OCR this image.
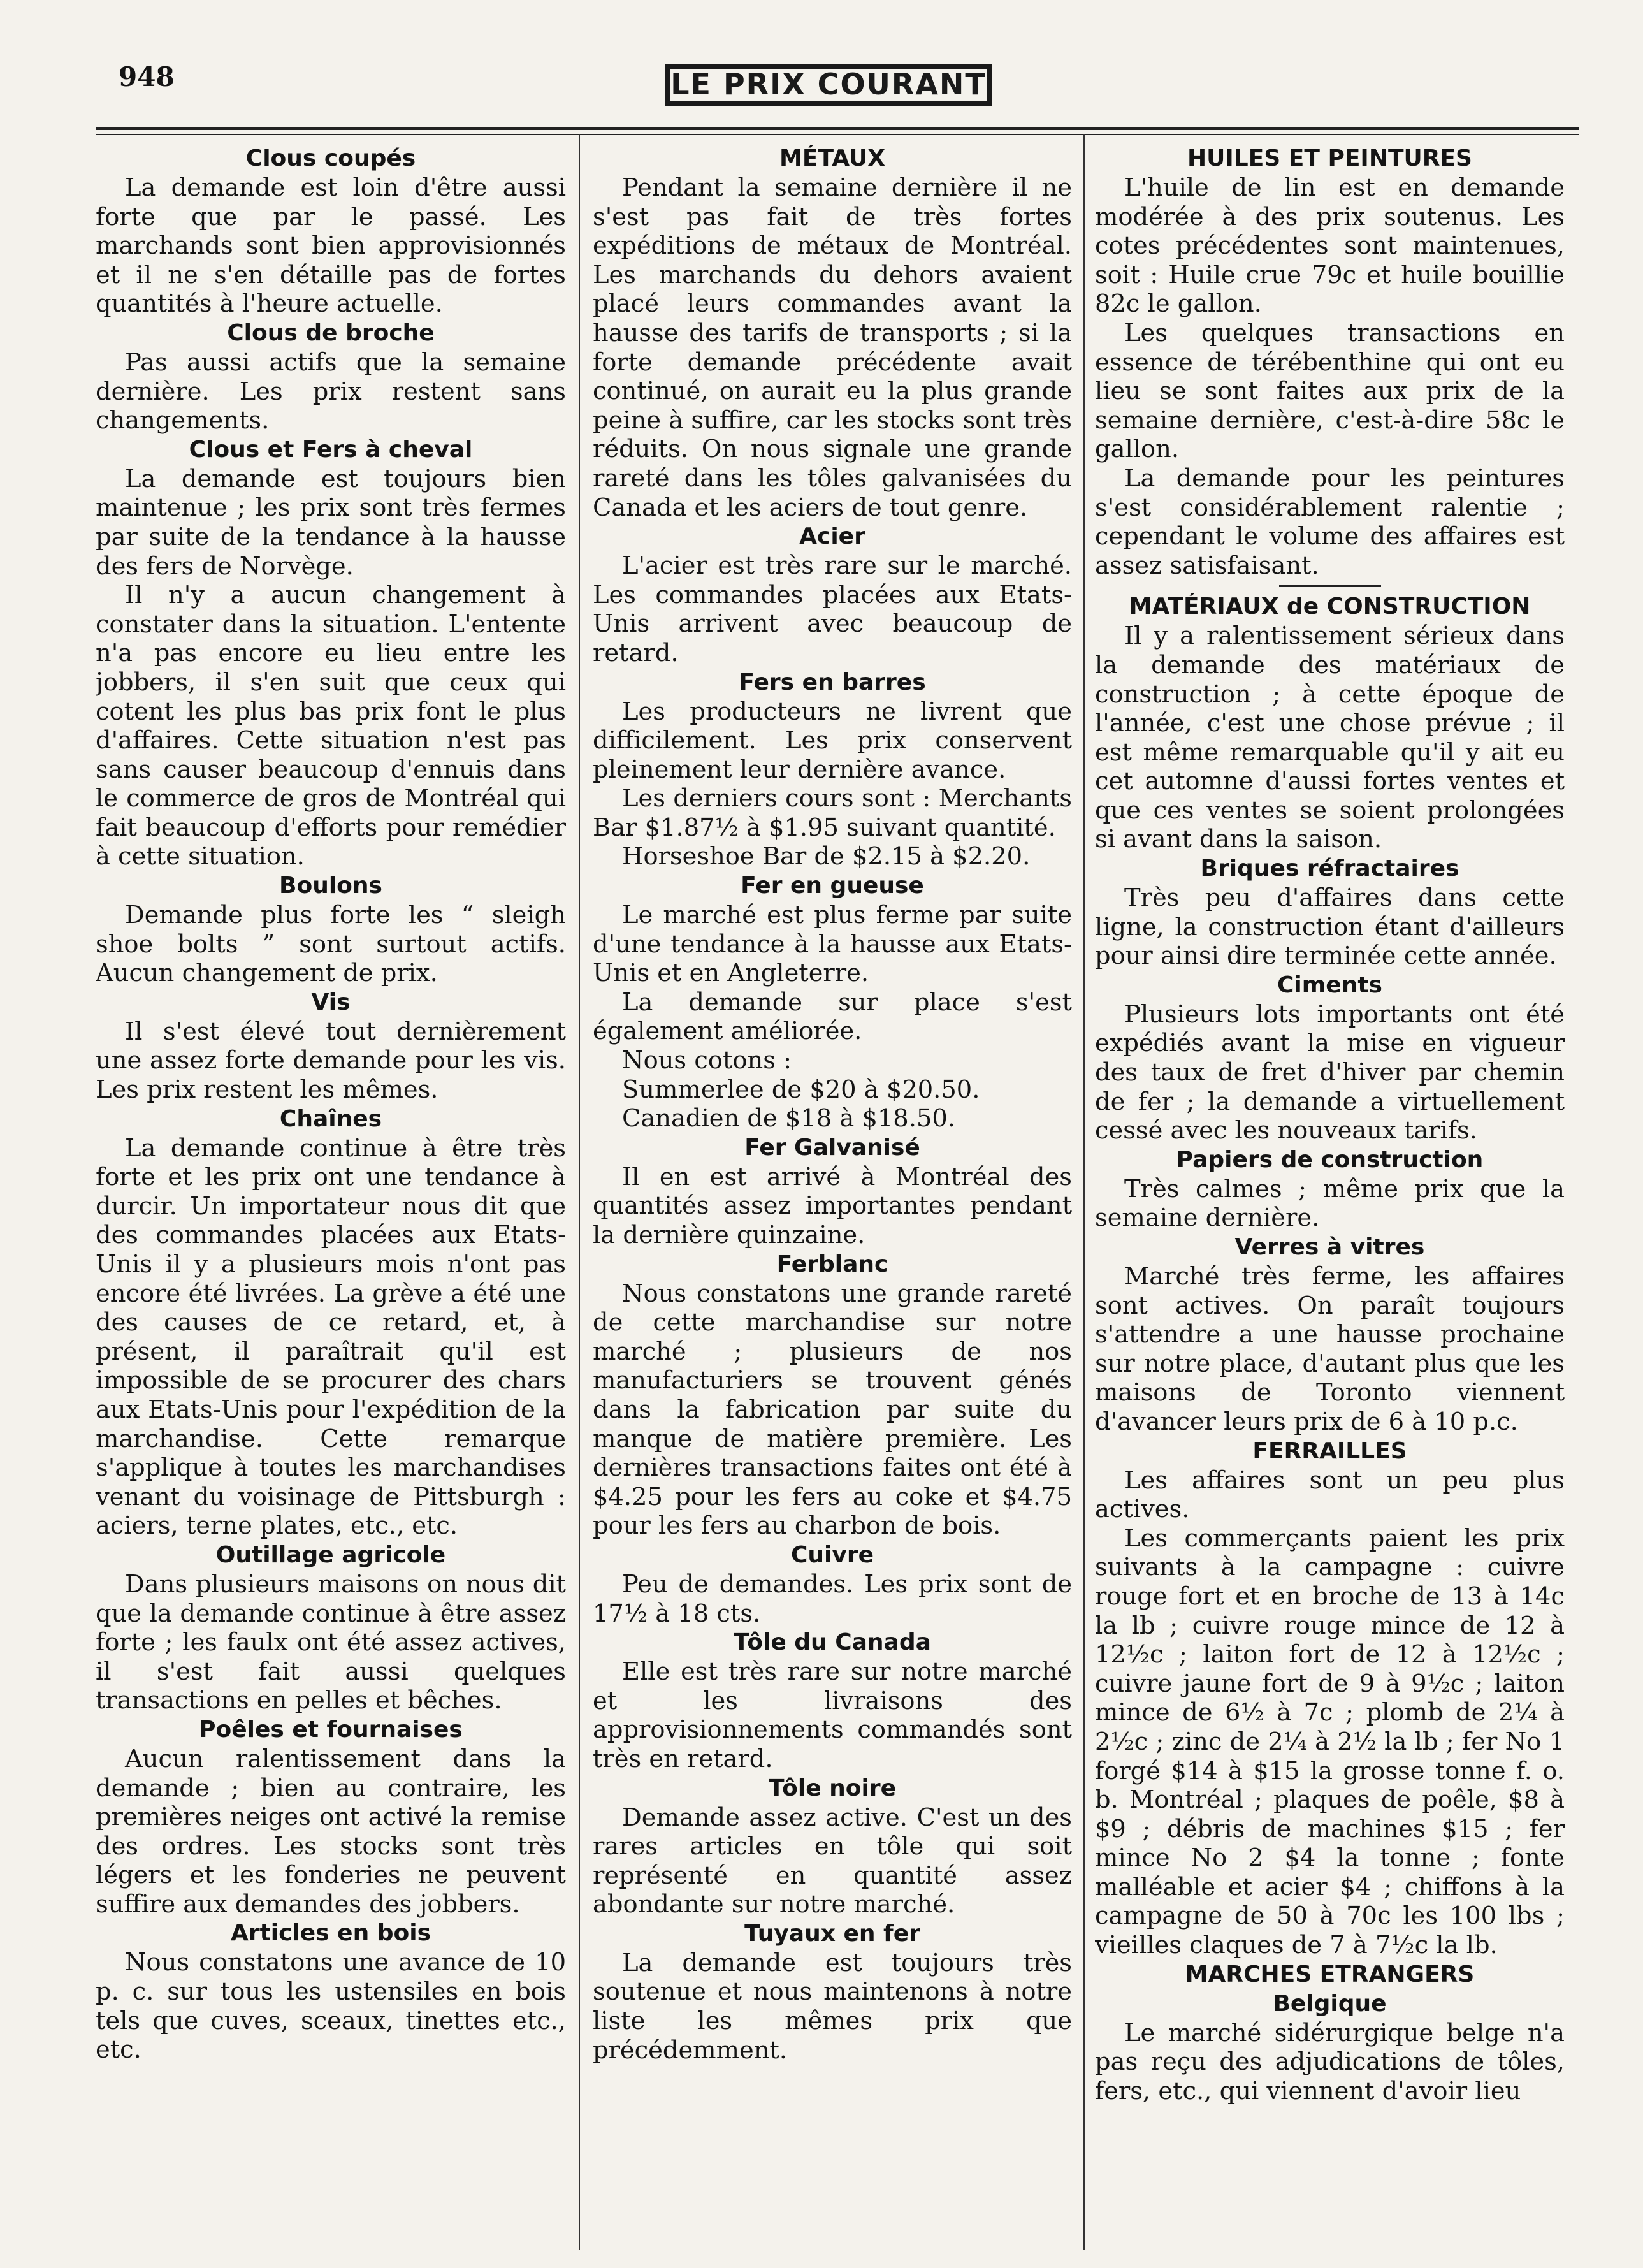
948	LE PRIX COURANT
Clous coupés

La demande est loin d'être aussi forte que par le passé. Les marchands sont bien approvisionnés et il ne s'en détaille pas de fortes quantités à l'heure actuelle.

Clous de broche

Pas aussi actifs que la semaine dernière. Les prix restent sans changements.

Clous et Fers à cheval

La demande est toujours bien maintenue ; les prix sont très fermes par suite de la tendance à la hausse des fers de Norvège.

Il n'y a aucun changement à constater dans la situation. L'entente n'a pas encore eu lieu entre les jobbers, il s'en suit que ceux qui cotent les plus bas prix font le plus d'affaires. Cette situation n'est pas sans causer beaucoup d'ennuis dans le commerce de gros de Montréal qui fait beaucoup d'efforts pour remédier à cette situation.

Boulons

Demande plus forte les “ sleigh shoe bolts ” sont surtout actifs. Aucun changement de prix.

Vis

Il s'est élevé tout dernièrement une assez forte demande pour les vis. Les prix restent les mêmes.

Chaînes

La demande continue à être très forte et les prix ont une tendance à durcir. Un importateur nous dit que des commandes placées aux Etats-Unis il y a plusieurs mois n'ont pas encore été livrées. La grève a été une des causes de ce retard, et, à présent, il paraîtrait qu'il est impossible de se procurer des chars aux Etats-Unis pour l'expédition de la marchandise. Cette remarque s'applique à toutes les marchandises venant du voisinage de Pittsburgh : aciers, terne plates, etc., etc.

Outillage agricole

Dans plusieurs maisons on nous dit que la demande continue à être assez forte ; les faulx ont été assez actives, il s'est fait aussi quelques transactions en pelles et bêches.

Poêles et fournaises

Aucun ralentissement dans la demande ; bien au contraire, les premières neiges ont activé la remise des ordres. Les stocks sont très légers et les fonderies ne peuvent suffire aux demandes des jobbers.

Articles en bois

Nous constatons une avance de 10 p. c. sur tous les ustensiles en bois tels que cuves, sceaux, tinettes etc., etc.

MÉTAUX

Pendant la semaine dernière il ne s'est pas fait de très fortes expéditions de métaux de Montréal. Les marchands du dehors avaient placé leurs commandes avant la hausse des tarifs de transports ; si la forte demande précédente avait continué, on aurait eu la plus grande peine à suffire, car les stocks sont très réduits. On nous signale une grande rareté dans les tôles galvanisées du Canada et les aciers de tout genre.

Acier

L'acier est très rare sur le marché. Les commandes placées aux Etats-Unis arrivent avec beaucoup de retard.

Fers en barres

Les producteurs ne livrent que difficilement. Les prix conservent pleinement leur dernière avance.

Les derniers cours sont : Merchants Bar $1.87½ à $1.95 suivant quantité.

Horseshoe Bar de $2.15 à $2.20.

Fer en gueuse

Le marché est plus ferme par suite d'une tendance à la hausse aux Etats-Unis et en Angleterre.

La demande sur place s'est également améliorée.

Nous cotons :
Summerlee de $20 à $20.50.
Canadien de $18 à $18.50.
Fer Galvanisé

Il en est arrivé à Montréal des quantités assez importantes pendant la dernière quinzaine.

Ferblanc

Nous constatons une grande rareté de cette marchandise sur notre marché ; plusieurs de nos manufacturiers se trouvent génés dans la fabrication par suite du manque de matière première. Les dernières transactions faites ont été à $4.25 pour les fers au coke et $4.75 pour les fers au charbon de bois.

Cuivre

Peu de demandes. Les prix sont de 17½ à 18 cts.

Tôle du Canada

Elle est très rare sur notre marché et les livraisons des approvisionnements commandés sont très en retard.

Tôle noire

Demande assez active. C'est un des rares articles en tôle qui soit représenté en quantité assez abondante sur notre marché.

Tuyaux en fer

La demande est toujours très soutenue et nous maintenons à notre liste les mêmes prix que précédemment.

HUILES ET PEINTURES

L'huile de lin est en demande modérée à des prix soutenus. Les cotes précédentes sont maintenues, soit : Huile crue 79c et huile bouillie 82c le gallon.

Les quelques transactions en essence de térébenthine qui ont eu lieu se sont faites aux prix de la semaine dernière, c'est-à-dire 58c le gallon.

La demande pour les peintures s'est considérablement ralentie ; cependant le volume des affaires est assez satisfaisant.

MATÉRIAUX de CONSTRUCTION

Il y a ralentissement sérieux dans la demande des matériaux de construction ; à cette époque de l'année, c'est une chose prévue ; il est même remarquable qu'il y ait eu cet automne d'aussi fortes ventes et que ces ventes se soient prolongées si avant dans la saison.

Briques réfractaires

Très peu d'affaires dans cette ligne, la construction étant d'ailleurs pour ainsi dire terminée cette année.

Ciments

Plusieurs lots importants ont été expédiés avant la mise en vigueur des taux de fret d'hiver par chemin de fer ; la demande a virtuellement cessé avec les nouveaux tarifs.

Papiers de construction

Très calmes ; même prix que la semaine dernière.

Verres à vitres

Marché très ferme, les affaires sont actives. On paraît toujours s'attendre a une hausse prochaine sur notre place, d'autant plus que les maisons de Toronto viennent d'avancer leurs prix de 6 à 10 p.c.

FERRAILLES

Les affaires sont un peu plus actives.

Les commerçants paient les prix suivants à la campagne : cuivre rouge fort et en broche de 13 à 14c la lb ; cuivre rouge mince de 12 à 12½c ; laiton fort de 12 à 12½c ; cuivre jaune fort de 9 à 9½c ; laiton mince de 6½ à 7c ; plomb de 2¼ à 2½c ; zinc de 2¼ à 2½ la lb ; fer No 1 forgé $14 à $15 la grosse tonne f. o. b. Montréal ; plaques de poêle, $8 à $9 ; débris de machines $15 ; fer mince No 2 $4 la tonne ; fonte malléable et acier $4 ; chiffons à la campagne de 50 à 70c les 100 lbs ; vieilles claques de 7 à 7½c la lb.

MARCHES ETRANGERS
Belgique

Le marché sidérurgique belge n'a pas reçu des adjudications de tôles, fers, etc., qui viennent d'avoir lieu
